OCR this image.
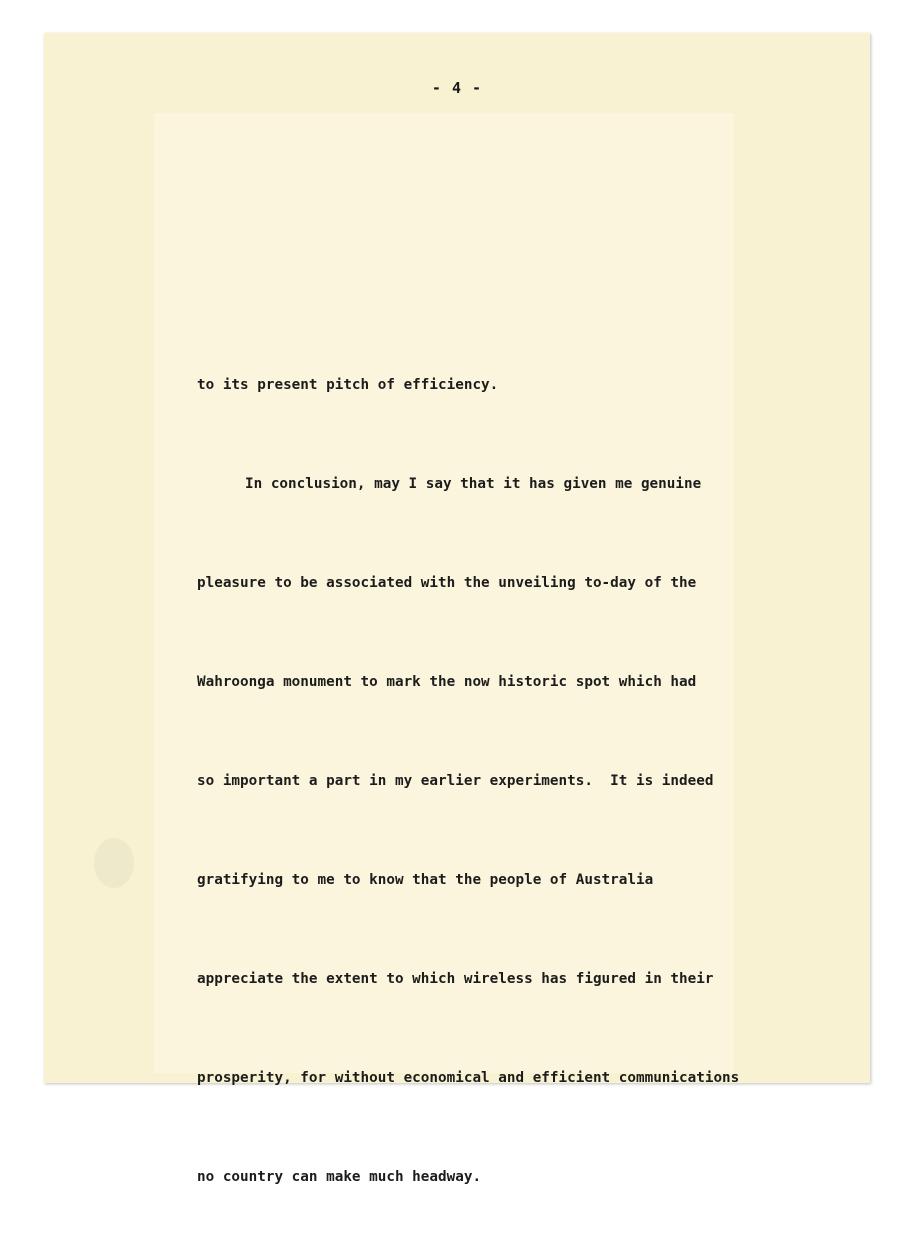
- 4 -

to its present pitch of efficiency.

In conclusion, may I say that it has given me genuine

pleasure to be associated with the unveiling to-day of the

Wahroonga monument to mark the now historic spot which had

so important a part in my earlier experiments.  It is indeed

gratifying to me to know that the people of Australia

appreciate the extent to which wireless has figured in their

prosperity, for without economical and efficient communications

no country can make much headway.
